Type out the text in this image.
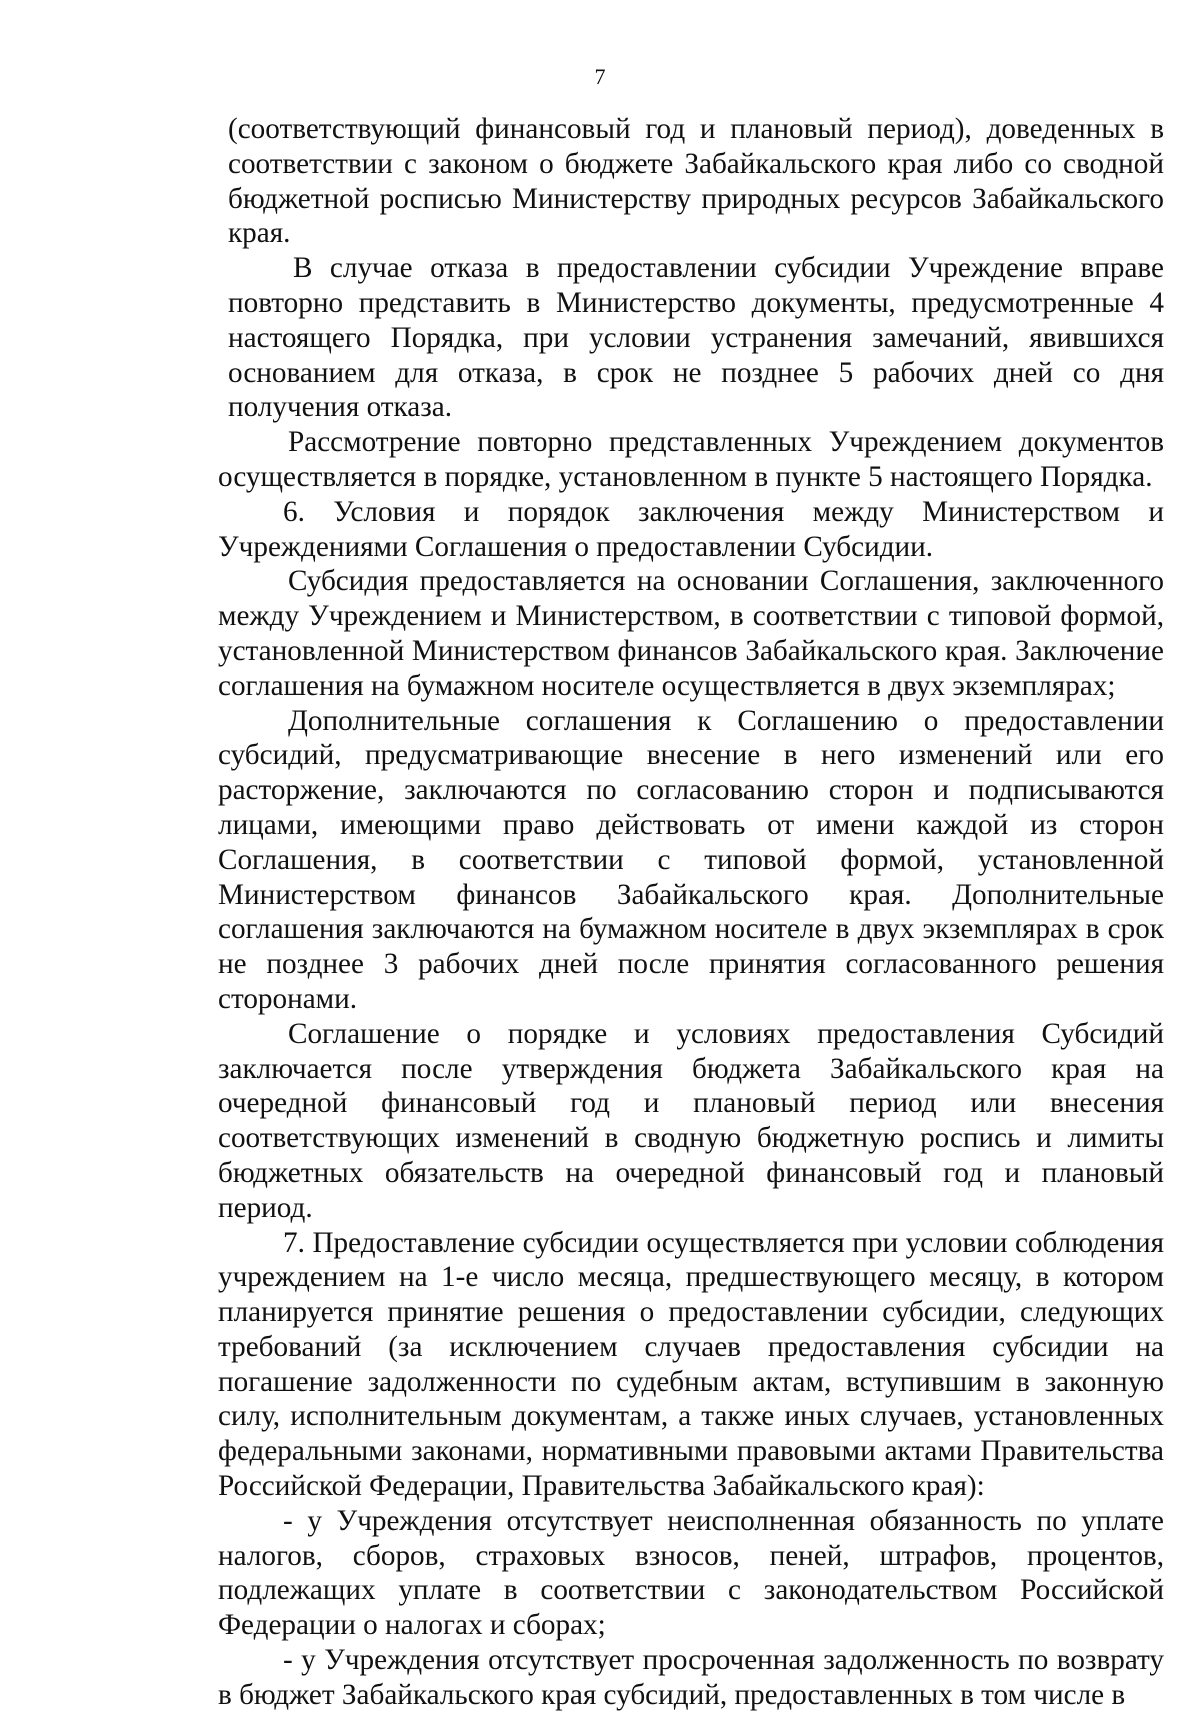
7

(соответствующий финансовый год и плановый период), доведенных в соответствии с законом о бюджете Забайкальского края либо со сводной бюджетной росписью Министерству природных ресурсов Забайкальского края.

В случае отказа в предоставлении субсидии Учреждение вправе повторно представить в Министерство документы, предусмотренные 4 настоящего Порядка, при условии устранения замечаний, явившихся основанием для отказа, в срок не позднее 5 рабочих дней со дня получения отказа.

Рассмотрение повторно представленных Учреждением документов осуществляется в порядке, установленном в пункте 5 настоящего Порядка.

6. Условия и порядок заключения между Министерством и Учреждениями Соглашения о предоставлении Субсидии.

Субсидия предоставляется на основании Соглашения, заключенного между Учреждением и Министерством, в соответствии с типовой формой, установленной Министерством финансов Забайкальского края. Заключение соглашения на бумажном носителе осуществляется в двух экземплярах;

Дополнительные соглашения к Соглашению о предоставлении субсидий, предусматривающие внесение в него изменений или его расторжение, заключаются по согласованию сторон и подписываются лицами, имеющими право действовать от имени каждой из сторон Соглашения, в соответствии с типовой формой, установленной Министерством финансов Забайкальского края. Дополнительные соглашения заключаются на бумажном носителе в двух экземплярах в срок не позднее 3 рабочих дней после принятия согласованного решения сторонами.

Соглашение о порядке и условиях предоставления Субсидий заключается после утверждения бюджета Забайкальского края на очередной финансовый год и плановый период или внесения соответствующих изменений в сводную бюджетную роспись и лимиты бюджетных обязательств на очередной финансовый год и плановый период.

7. Предоставление субсидии осуществляется при условии соблюдения учреждением на 1-е число месяца, предшествующего месяцу, в котором планируется принятие решения о предоставлении субсидии, следующих требований (за исключением случаев предоставления субсидии на погашение задолженности по судебным актам, вступившим в законную силу, исполнительным документам, а также иных случаев, установленных федеральными законами, нормативными правовыми актами Правительства Российской Федерации, Правительства Забайкальского края):

- у Учреждения отсутствует неисполненная обязанность по уплате налогов, сборов, страховых взносов, пеней, штрафов, процентов, подлежащих уплате в соответствии с законодательством Российской Федерации о налогах и сборах;

- у Учреждения отсутствует просроченная задолженность по возврату в бюджет Забайкальского края субсидий, предоставленных в том числе в
